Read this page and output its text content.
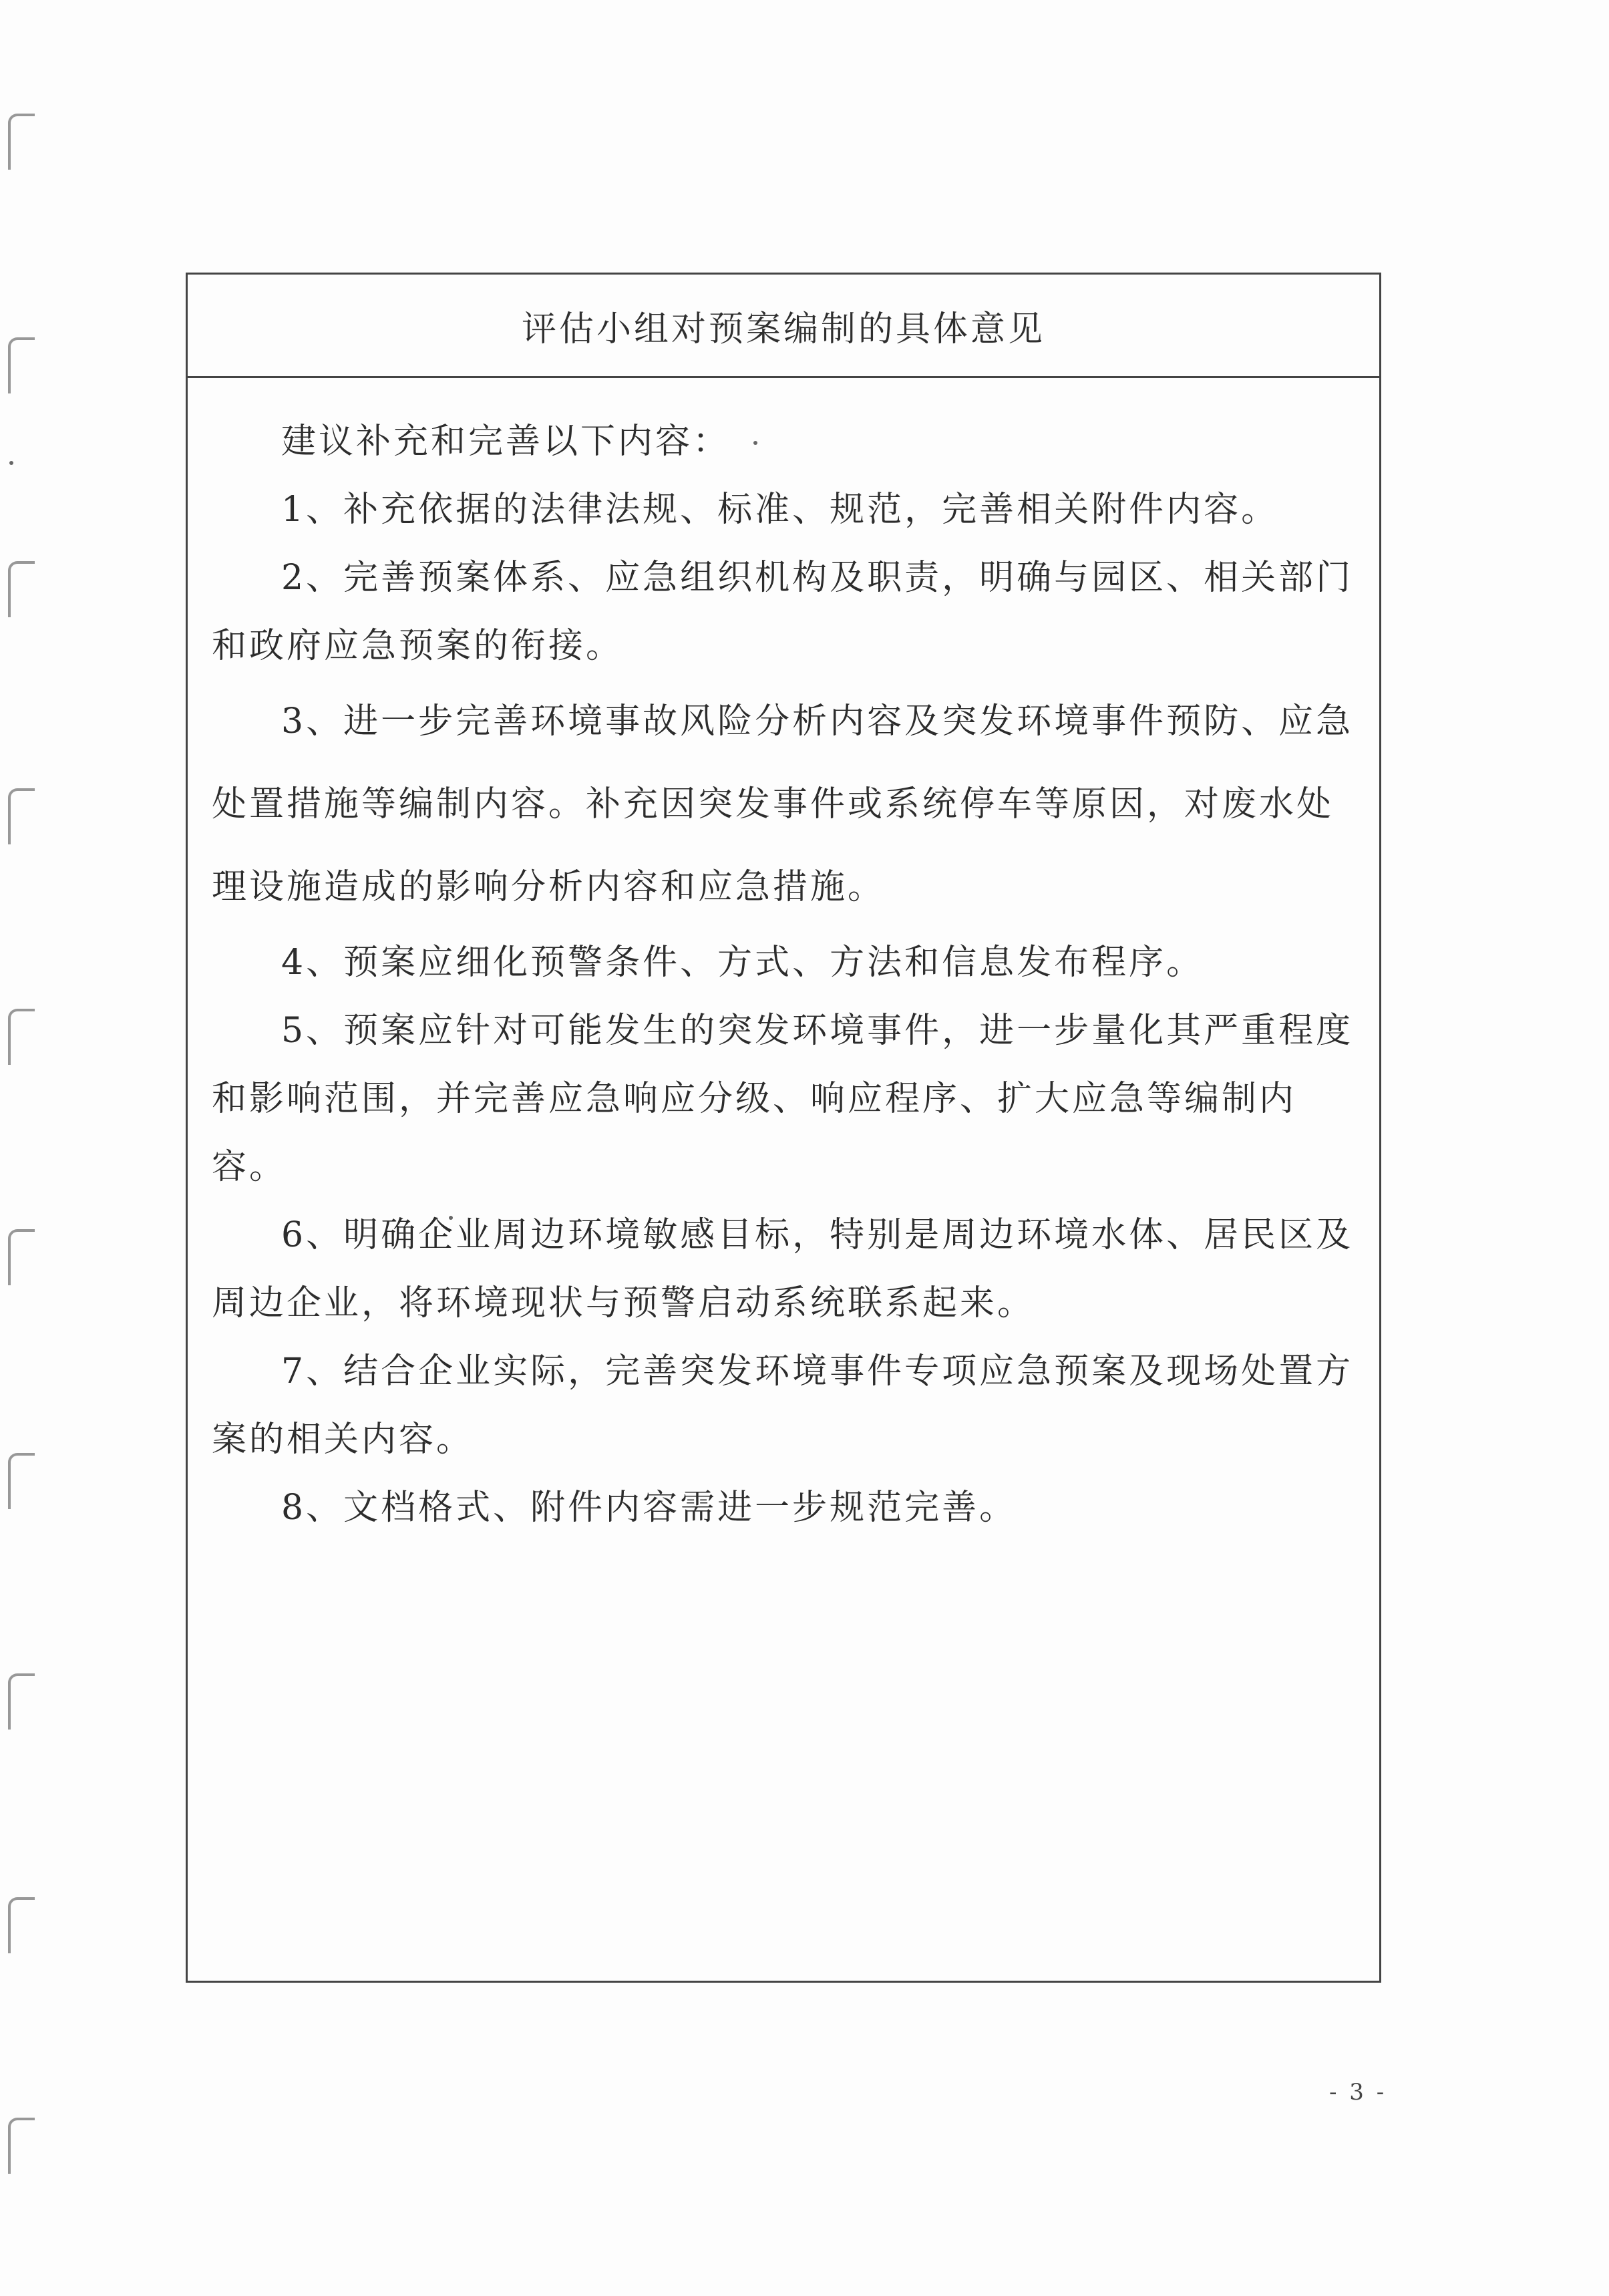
评估小组对预案编制的具体意见

建议补充和完善以下内容：

1、补充依据的法律法规、标准、规范，完善相关附件内容。

2、完善预案体系、应急组织机构及职责，明确与园区、相关部门和政府应急预案的衔接。

3、进一步完善环境事故风险分析内容及突发环境事件预防、应急处置措施等编制内容。补充因突发事件或系统停车等原因，对废水处理设施造成的影响分析内容和应急措施。

4、预案应细化预警条件、方式、方法和信息发布程序。

5、预案应针对可能发生的突发环境事件，进一步量化其严重程度和影响范围，并完善应急响应分级、响应程序、扩大应急等编制内容。

6、明确企业周边环境敏感目标，特别是周边环境水体、居民区及周边企业，将环境现状与预警启动系统联系起来。

7、结合企业实际，完善突发环境事件专项应急预案及现场处置方案的相关内容。

8、文档格式、附件内容需进一步规范完善。

- 3 -
